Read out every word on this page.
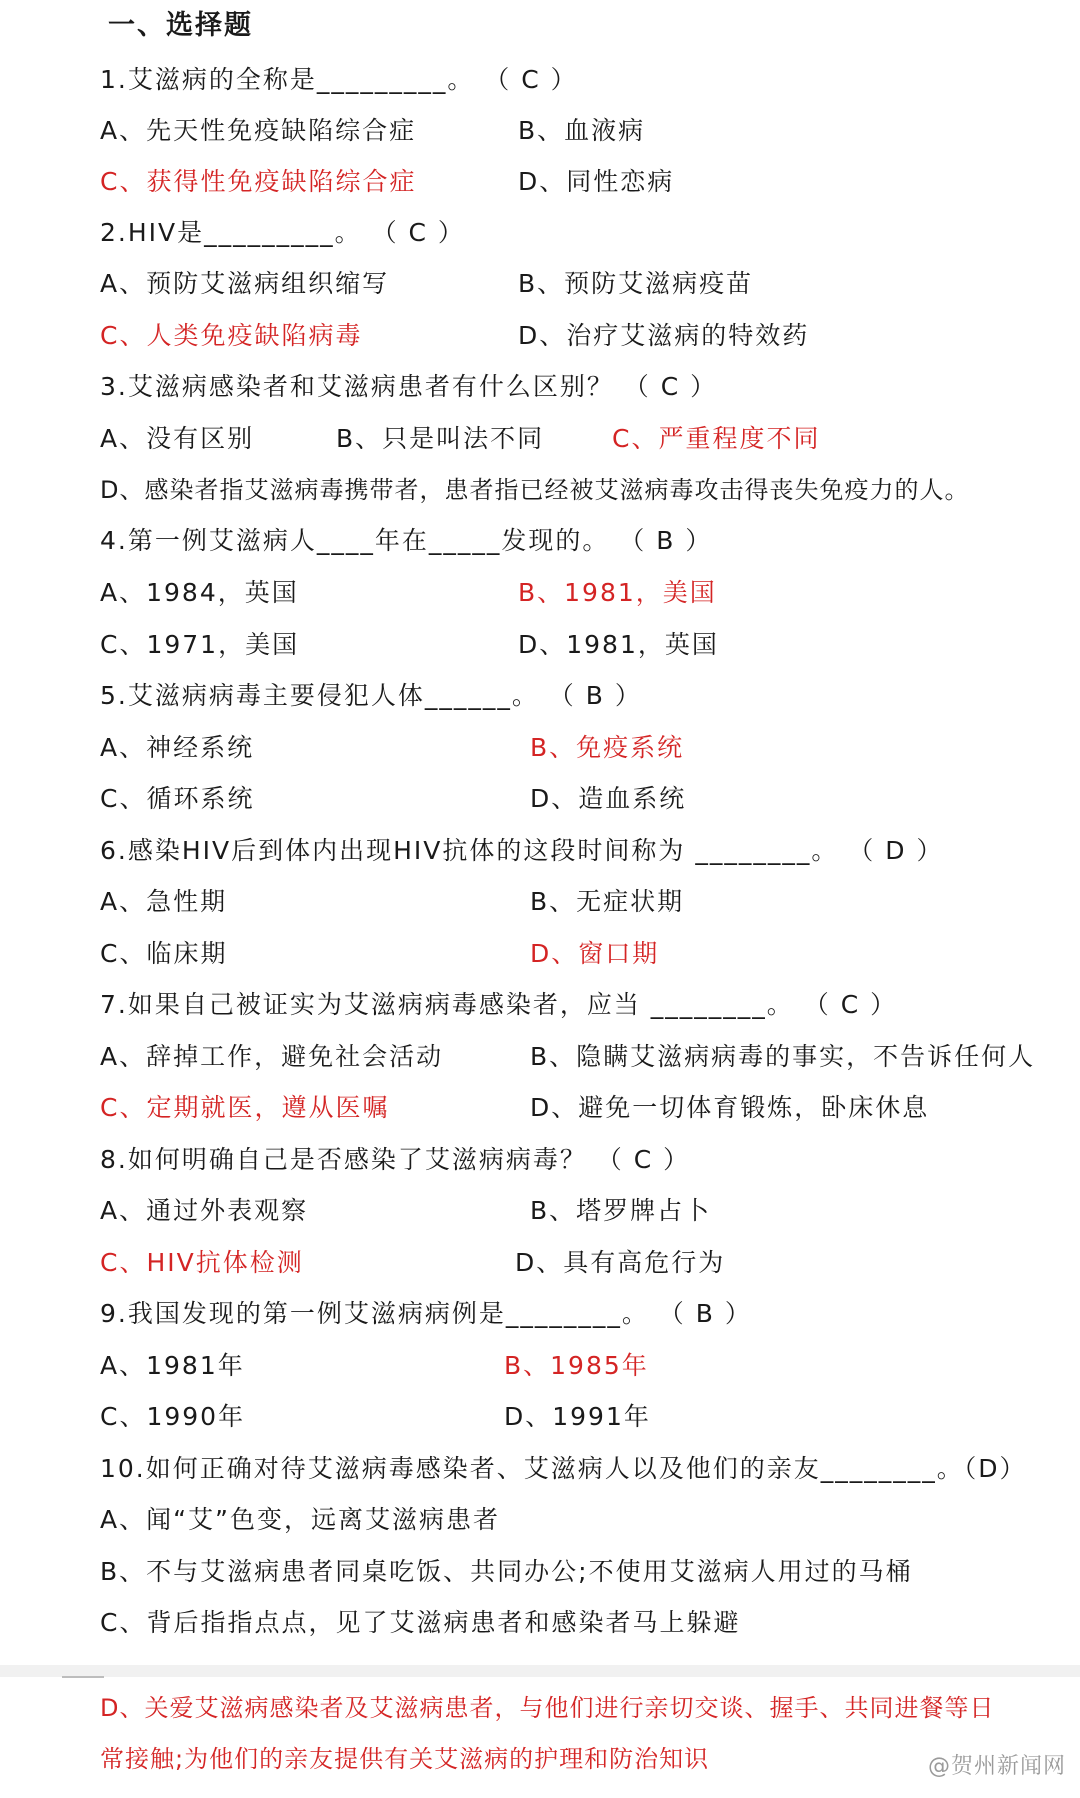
一、选择题
1.艾滋病的全称是_________。 （ C ）
A、先天性免疫缺陷综合症	B、血液病
C、获得性免疫缺陷综合症	D、同性恋病
2.HIV是_________。 （ C ）
A、预防艾滋病组织缩写	B、预防艾滋病疫苗
C、人类免疫缺陷病毒	D、治疗艾滋病的特效药
3.艾滋病感染者和艾滋病患者有什么区别？ （ C ）
A、没有区别	B、只是叫法不同	C、严重程度不同
D、感染者指艾滋病毒携带者，患者指已经被艾滋病毒攻击得丧失免疫力的人。
4.第一例艾滋病人____年在_____发现的。 （ B ）
A、1984，英国	B、1981，美国
C、1971，美国	D、1981，英国
5.艾滋病病毒主要侵犯人体______。 （ B ）
A、神经系统	B、免疫系统
C、循环系统	D、造血系统
6.感染HIV后到体内出现HIV抗体的这段时间称为 ________。 （ D ）
A、急性期	B、无症状期
C、临床期	D、窗口期
7.如果自己被证实为艾滋病病毒感染者，应当 ________。 （ C ）
A、辞掉工作，避免社会活动	B、隐瞒艾滋病病毒的事实，不告诉任何人
C、定期就医，遵从医嘱	D、避免一切体育锻炼，卧床休息
8.如何明确自己是否感染了艾滋病病毒？ （ C ）
A、通过外表观察	B、塔罗牌占卜
C、HIV抗体检测	D、具有高危行为
9.我国发现的第一例艾滋病病例是________。 （ B ）
A、1981年	B、1985年
C、1990年	D、1991年
10.如何正确对待艾滋病毒感染者、艾滋病人以及他们的亲友________。（D）
A、闻“艾”色变，远离艾滋病患者
B、不与艾滋病患者同桌吃饭、共同办公;不使用艾滋病人用过的马桶
C、背后指指点点，见了艾滋病患者和感染者马上躲避
D、关爱艾滋病感染者及艾滋病患者，与他们进行亲切交谈、握手、共同进餐等日
常接触;为他们的亲友提供有关艾滋病的护理和防治知识	@贺州新闻网
